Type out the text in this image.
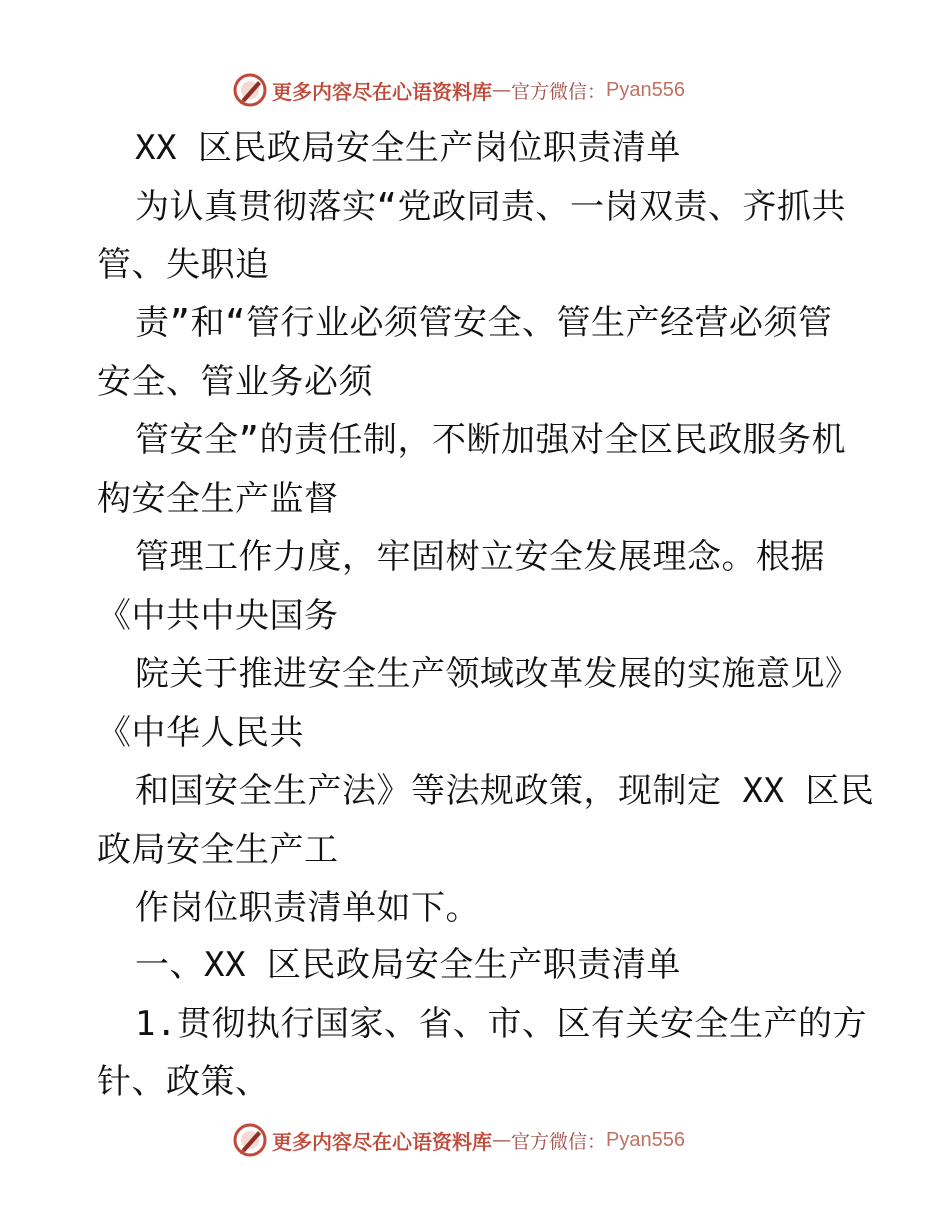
更多内容尽在心语资料库 — 官方微信： Pyan556
XX 区民政局安全生产岗位职责清单
为认真贯彻落实“党政同责、一岗双责、齐抓共
管、失职追
责”和“管行业必须管安全、管生产经营必须管
安全、管业务必须
管安全”的责任制，不断加强对全区民政服务机
构安全生产监督
管理工作力度，牢固树立安全发展理念。根据
《中共中央国务
院关于推进安全生产领域改革发展的实施意见》
《中华人民共
和国安全生产法》等法规政策，现制定 XX 区民
政局安全生产工
作岗位职责清单如下。
一、XX 区民政局安全生产职责清单
1.贯彻执行国家、省、市、区有关安全生产的方
针、政策、
更多内容尽在心语资料库 — 官方微信： Pyan556
